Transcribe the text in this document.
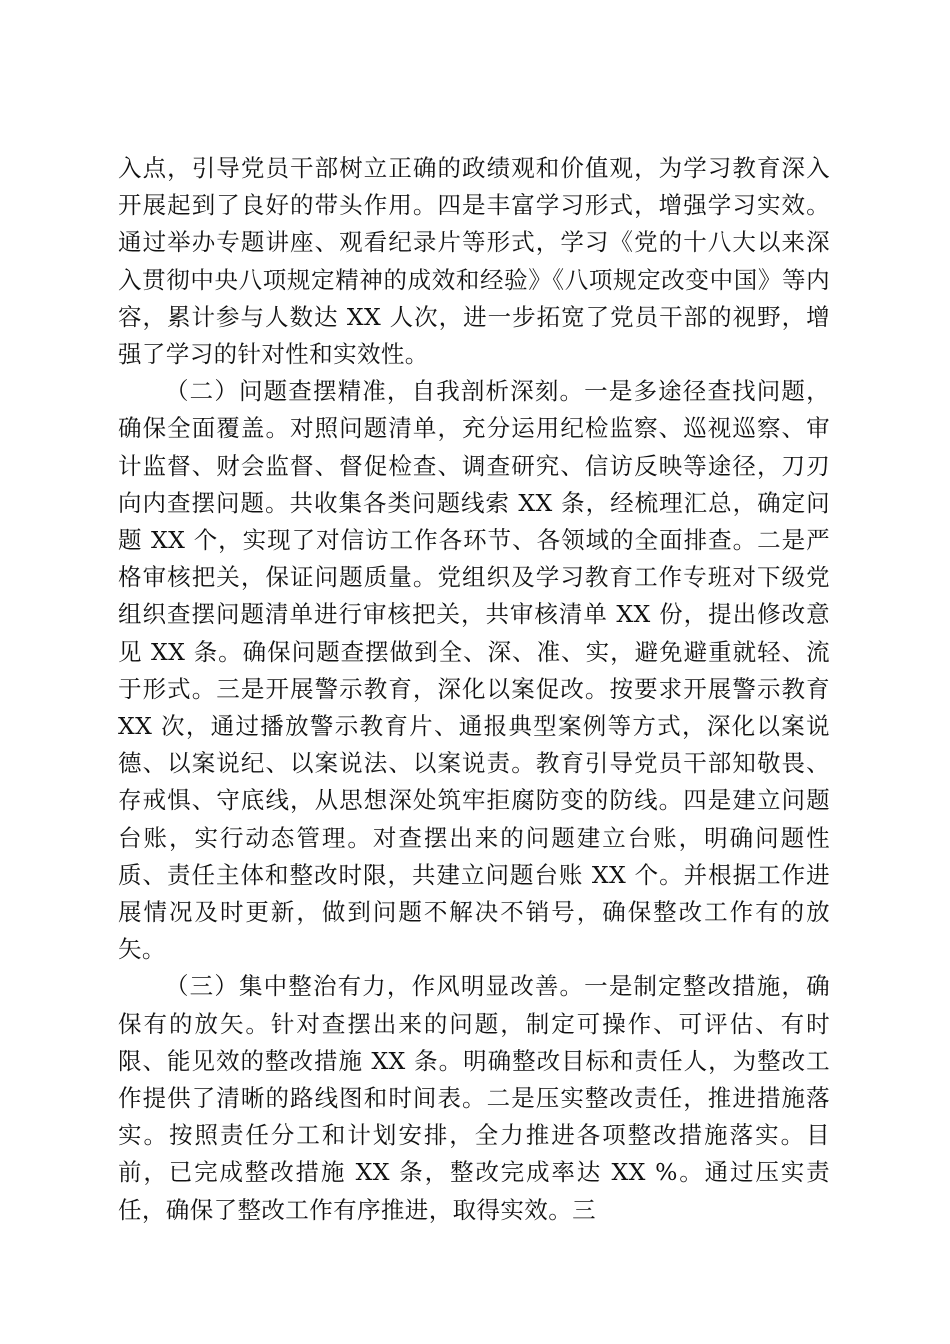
入点，引导党员干部树立正确的政绩观和价值观，为学习教育深入开展起到了良好的带头作用。四是丰富学习形式，增强学习实效。通过举办专题讲座、观看纪录片等形式，学习《党的十八大以来深入贯彻中央八项规定精神的成效和经验》《八项规定改变中国》等内容，累计参与人数达 XX 人次，进一步拓宽了党员干部的视野，增强了学习的针对性和实效性。

（二）问题查摆精准，自我剖析深刻。一是多途径查找问题，确保全面覆盖。对照问题清单，充分运用纪检监察、巡视巡察、审计监督、财会监督、督促检查、调查研究、信访反映等途径，刀刃向内查摆问题。共收集各类问题线索 XX 条，经梳理汇总，确定问题 XX 个，实现了对信访工作各环节、各领域的全面排查。二是严格审核把关，保证问题质量。党组织及学习教育工作专班对下级党组织查摆问题清单进行审核把关，共审核清单 XX 份，提出修改意见 XX 条。确保问题查摆做到全、深、准、实，避免避重就轻、流于形式。三是开展警示教育，深化以案促改。按要求开展警示教育 XX 次，通过播放警示教育片、通报典型案例等方式，深化以案说德、以案说纪、以案说法、以案说责。教育引导党员干部知敬畏、存戒惧、守底线，从思想深处筑牢拒腐防变的防线。四是建立问题台账，实行动态管理。对查摆出来的问题建立台账，明确问题性质、责任主体和整改时限，共建立问题台账 XX 个。并根据工作进展情况及时更新，做到问题不解决不销号，确保整改工作有的放矢。

（三）集中整治有力，作风明显改善。一是制定整改措施，确保有的放矢。针对查摆出来的问题，制定可操作、可评估、有时限、能见效的整改措施 XX 条。明确整改目标和责任人，为整改工作提供了清晰的路线图和时间表。二是压实整改责任，推进措施落实。按照责任分工和计划安排，全力推进各项整改措施落实。目前，已完成整改措施 XX 条，整改完成率达 XX %。通过压实责任，确保了整改工作有序推进，取得实效。三
